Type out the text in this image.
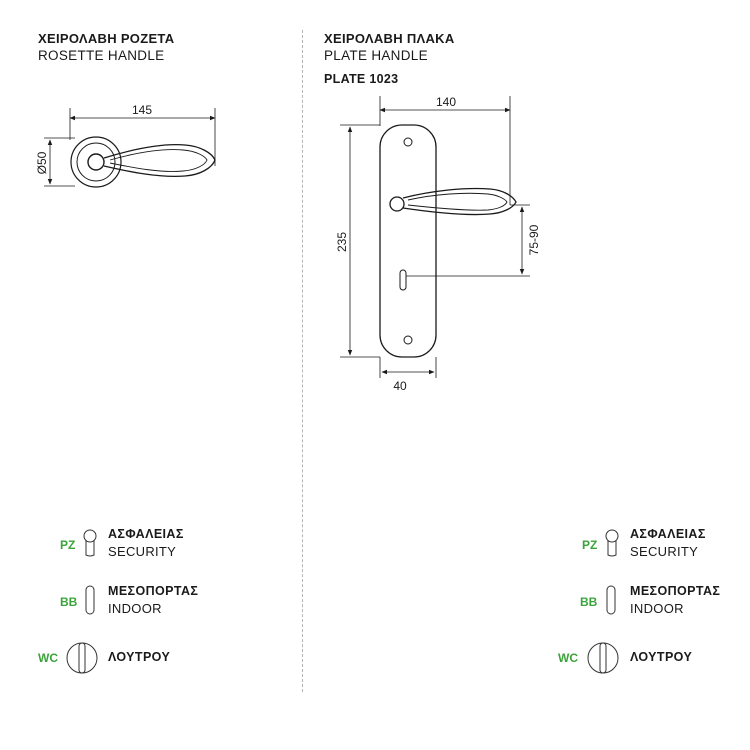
ΧΕΙΡΟΛΑΒΗ ΡΟΖΕΤΑ
ROSETTE HANDLE
ΧΕΙΡΟΛΑΒΗ ΠΛΑΚΑ
PLATE HANDLE
PLATE 1023
145
Ø50
140
235	75-90
40
PZ
ΑΣΦΑΛΕΙΑΣ
SECURITY
BB
ΜΕΣΟΠΟΡΤΑΣ
INDOOR
WC	ΛΟΥΤΡΟΥ
PZ
ΑΣΦΑΛΕΙΑΣ
SECURITY
BB
ΜΕΣΟΠΟΡΤΑΣ
INDOOR
WC	ΛΟΥΤΡΟΥ
